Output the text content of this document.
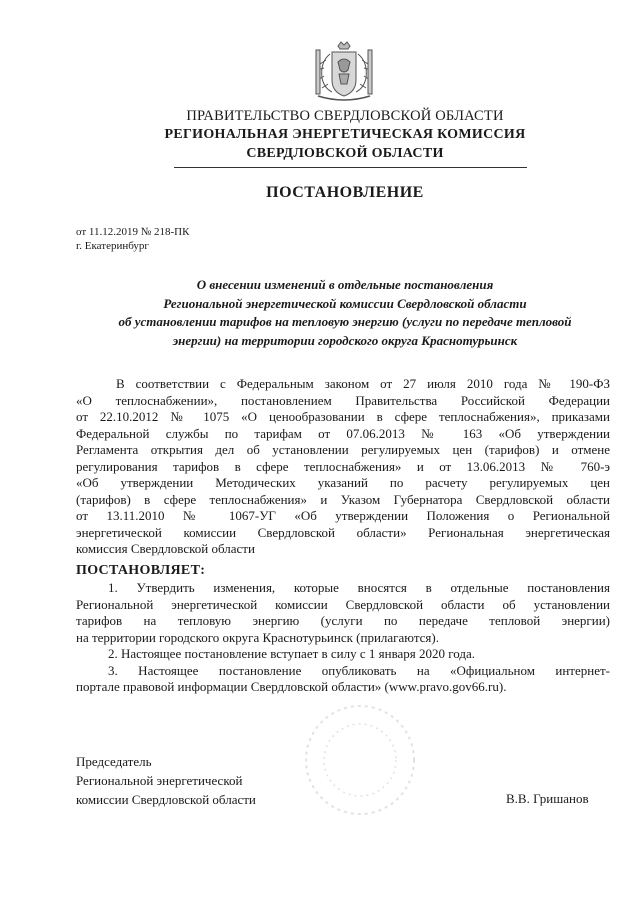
ПРАВИТЕЛЬСТВО СВЕРДЛОВСКОЙ ОБЛАСТИ
РЕГИОНАЛЬНАЯ ЭНЕРГЕТИЧЕСКАЯ КОМИССИЯ
СВЕРДЛОВСКОЙ ОБЛАСТИ
ПОСТАНОВЛЕНИЕ
от 11.12.2019 № 218-ПК
г. Екатеринбург
О внесении изменений в отдельные постановления
Региональной энергетической комиссии Свердловской области
об установлении тарифов на тепловую энергию (услуги по передаче тепловой
энергии) на территории городского округа Краснотурьинск
В соответствии с Федеральным законом от 27 июля 2010 года № 190-ФЗ
«О теплоснабжении», постановлением Правительства Российской Федерации
от 22.10.2012 № 1075 «О ценообразовании в сфере теплоснабжения», приказами
Федеральной службы по тарифам от 07.06.2013 № 163 «Об утверждении
Регламента открытия дел об установлении регулируемых цен (тарифов) и отмене
регулирования тарифов в сфере теплоснабжения» и от 13.06.2013 № 760-э
«Об утверждении Методических указаний по расчету регулируемых цен
(тарифов) в сфере теплоснабжения» и Указом Губернатора Свердловской области
от 13.11.2010 № 1067-УГ «Об утверждении Положения о Региональной
энергетической комиссии Свердловской области» Региональная энергетическая
комиссия Свердловской области
ПОСТАНОВЛЯЕТ:
1. Утвердить изменения, которые вносятся в отдельные постановления
Региональной энергетической комиссии Свердловской области об установлении
тарифов на тепловую энергию (услуги по передаче тепловой энергии)
на территории городского округа Краснотурьинск (прилагаются).
2. Настоящее постановление вступает в силу с 1 января 2020 года.
3. Настоящее постановление опубликовать на «Официальном интернет-
портале правовой информации Свердловской области» (www.pravo.gov66.ru).
Председатель
Региональной энергетической
комиссии Свердловской области	В.В. Гришанов
